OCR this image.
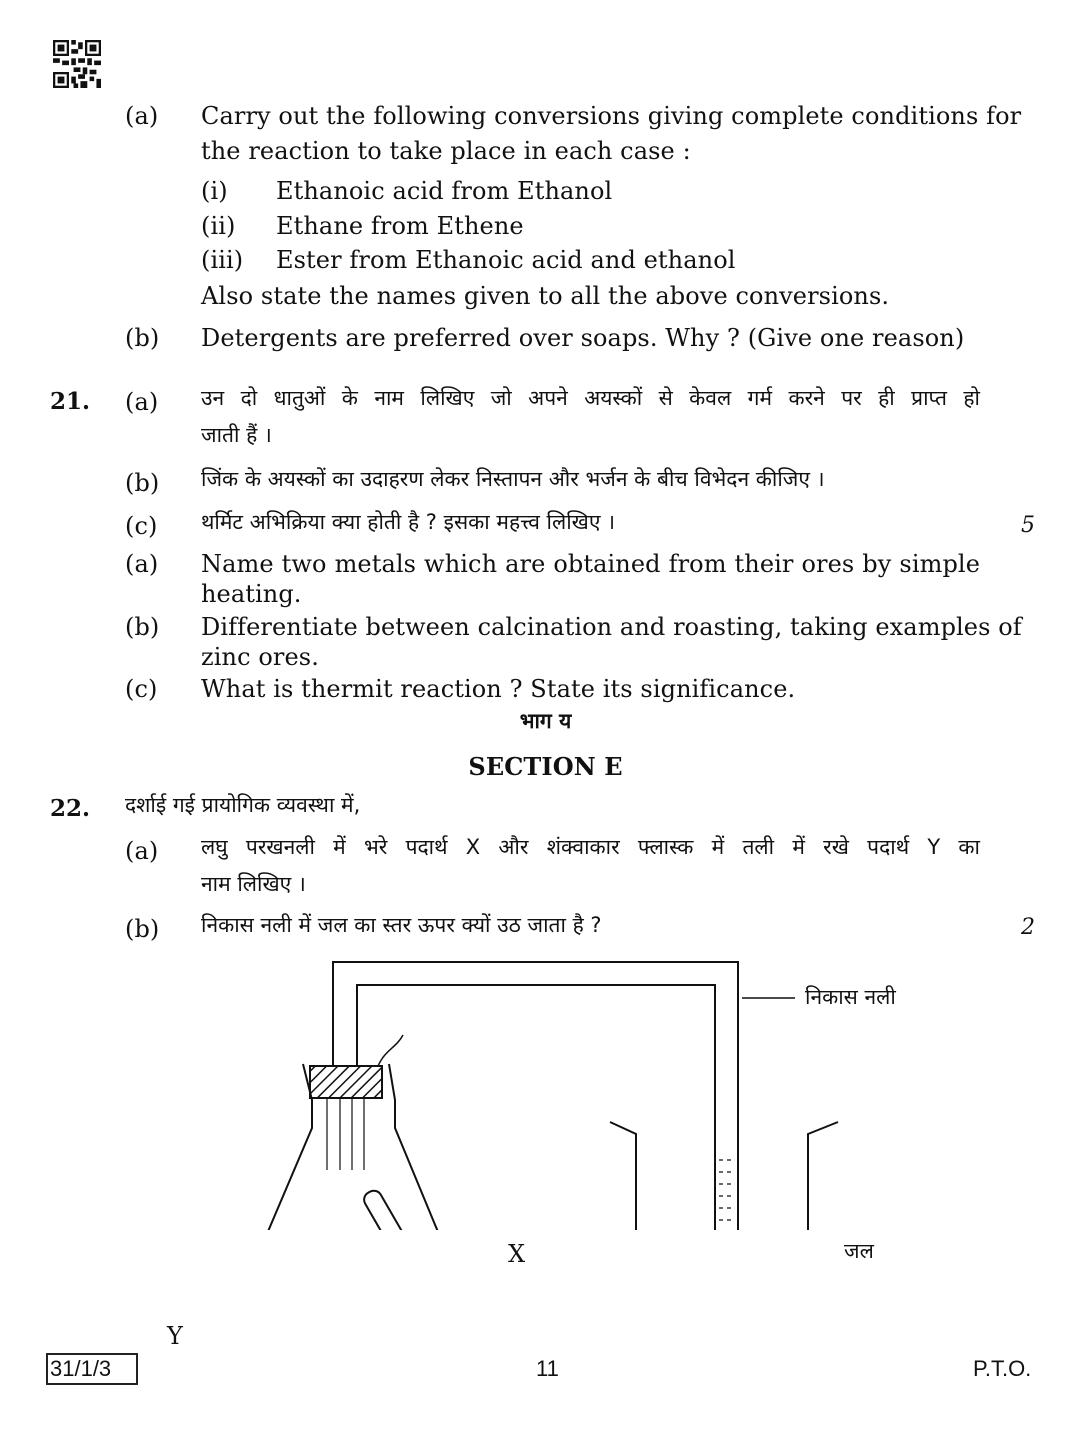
(a) Carry out the following conversions giving complete conditions for
the reaction to take place in each case :
(i) Ethanoic acid from Ethanol
(ii) Ethane from Ethene
(iii) Ester from Ethanoic acid and ethanol
Also state the names given to all the above conversions.
(b) Detergents are preferred over soaps. Why ? (Give one reason)
21. (a) उन दो धातुओं के नाम लिखिए जो अपने अयस्कों से केवल गर्म करने पर ही प्राप्त हो
जाती हैं ।
(b) जिंक के अयस्कों का उदाहरण लेकर निस्तापन और भर्जन के बीच विभेदन कीजिए ।
(c) थर्मिट अभिक्रिया क्या होती है ? इसका महत्त्व लिखिए ।	5
(a) Name two metals which are obtained from their ores by simple
heating.
(b) Differentiate between calcination and roasting, taking examples of
zinc ores.
(c) What is thermit reaction ? State its significance.
भाग य
SECTION E
22. दर्शाई गई प्रायोगिक व्यवस्था में,
(a) लघु परखनली में भरे पदार्थ X और शंक्वाकार फ्लास्क में तली में रखे पदार्थ Y का
नाम लिखिए ।
(b) निकास नली में जल का स्तर ऊपर क्यों उठ जाता है ?	2
निकास नली
X	जल
Y
31/1/3	11	P.T.O.
